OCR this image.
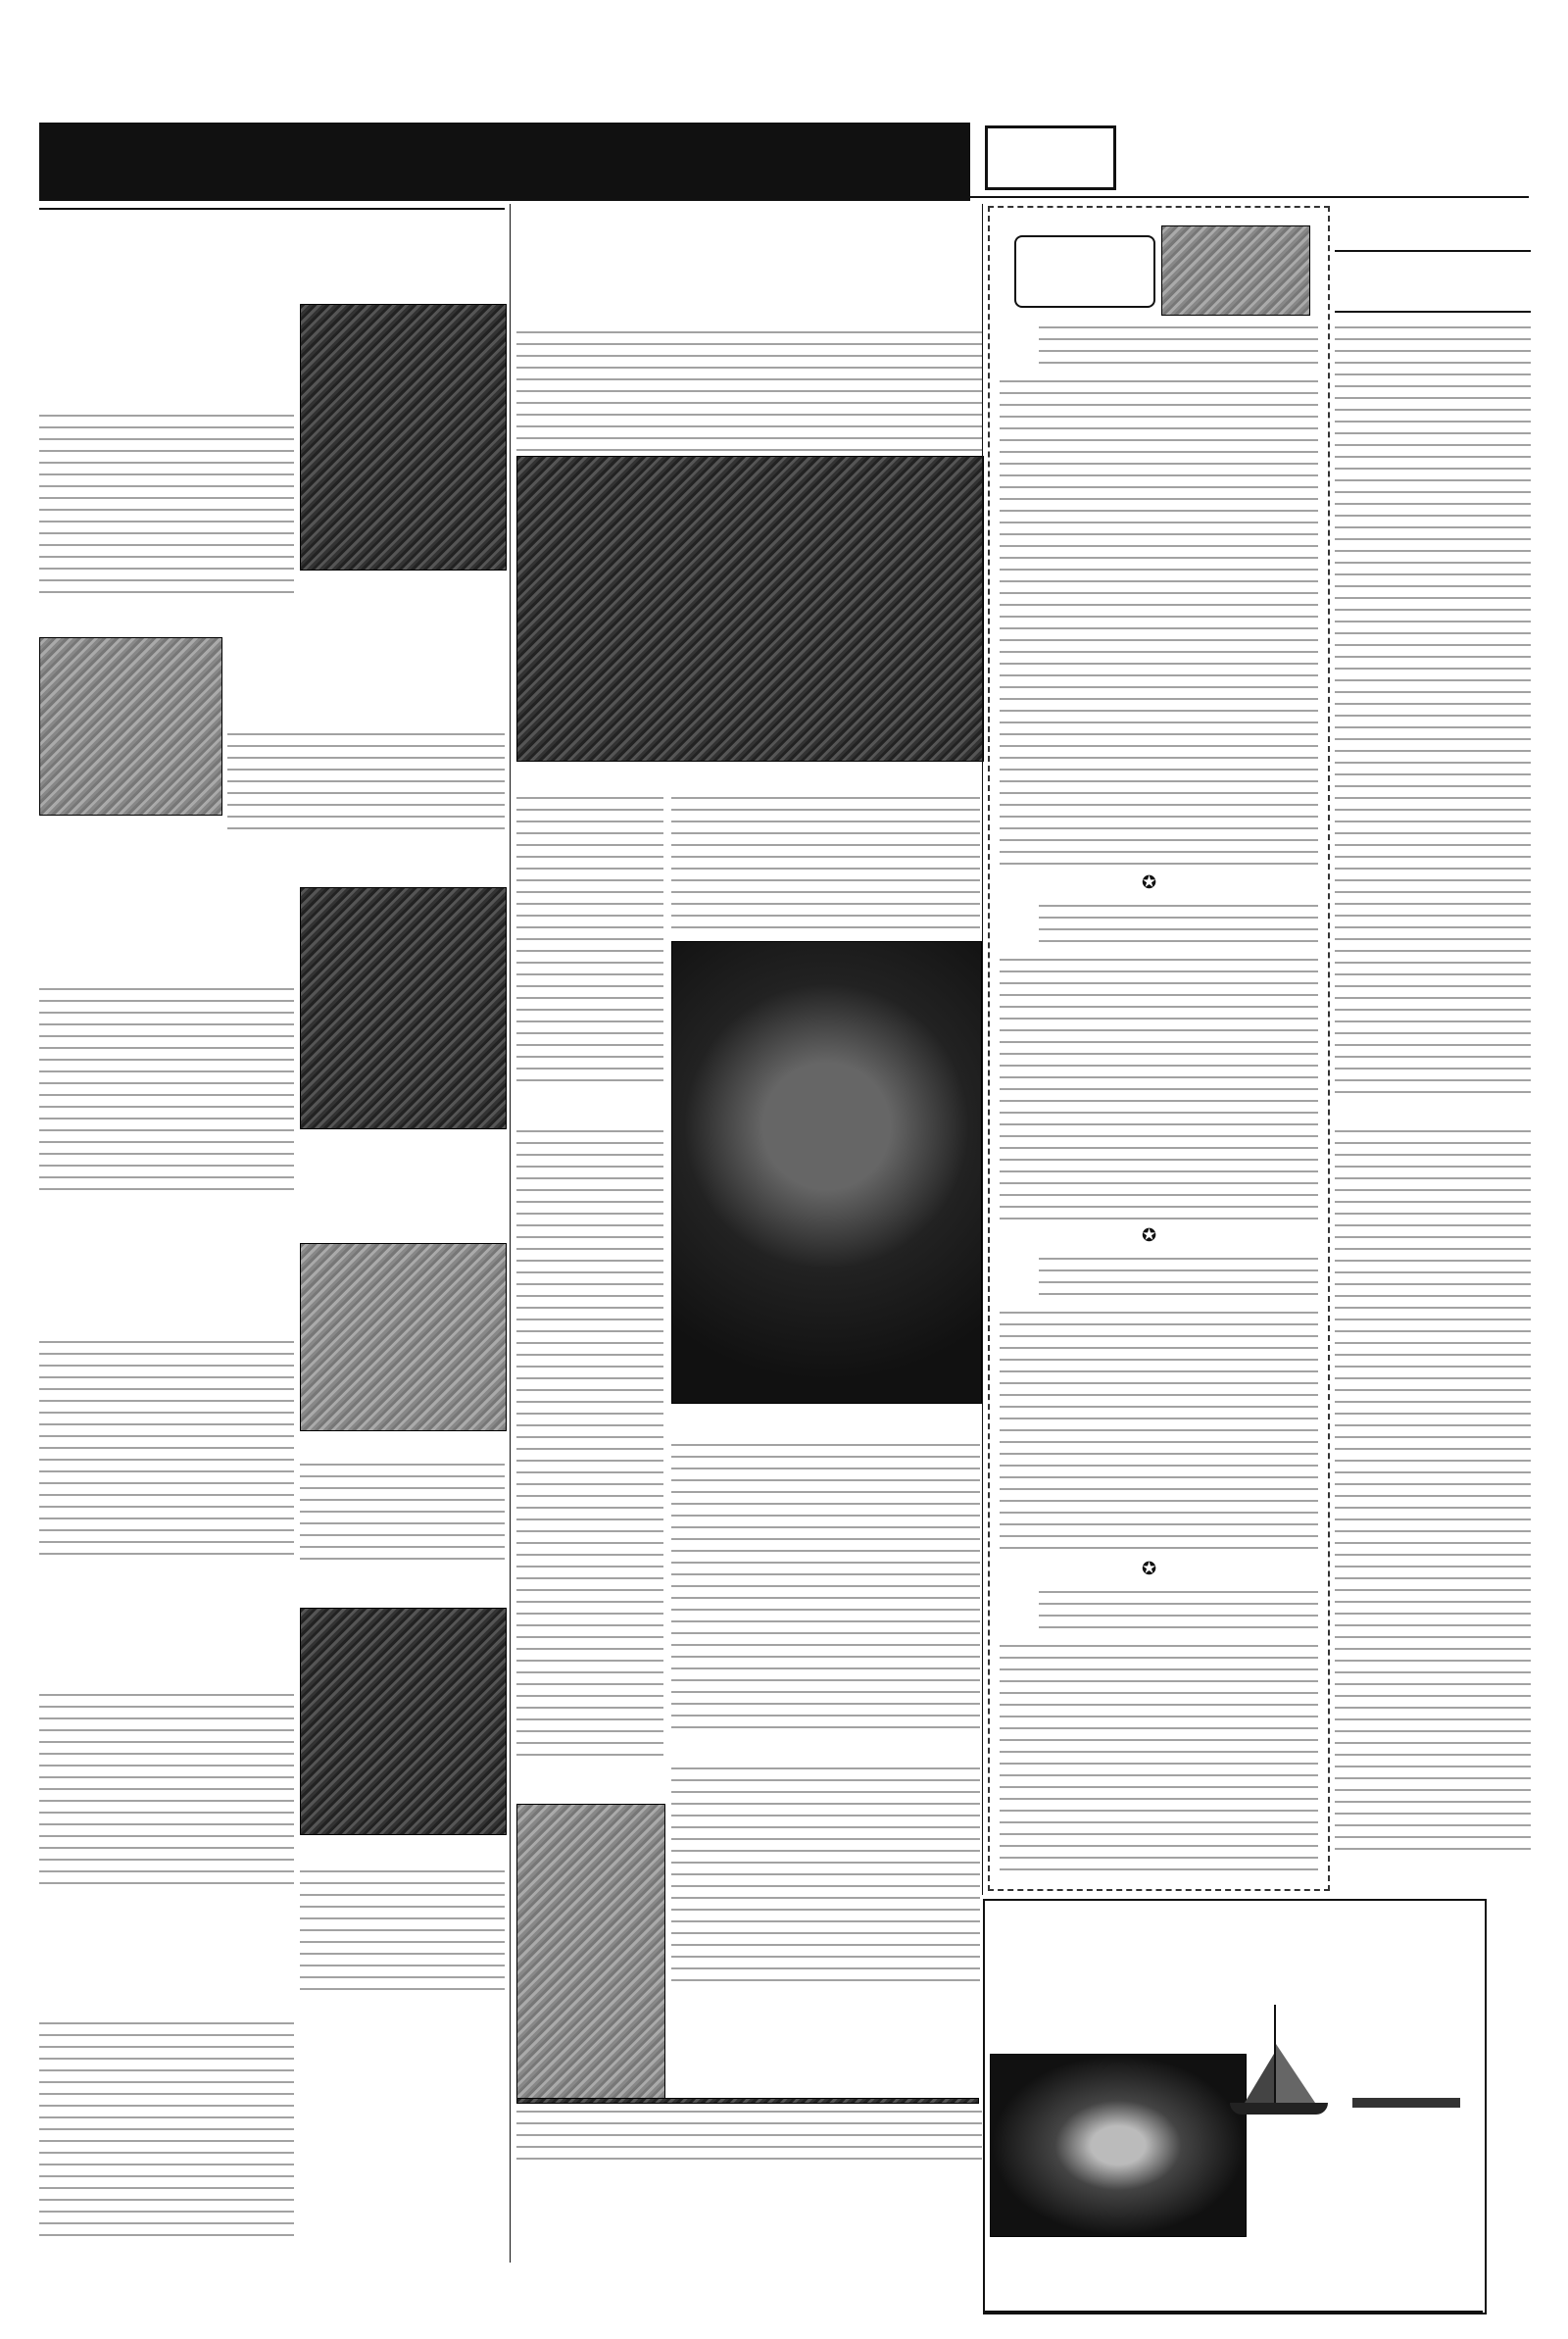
✪
✪
✪
